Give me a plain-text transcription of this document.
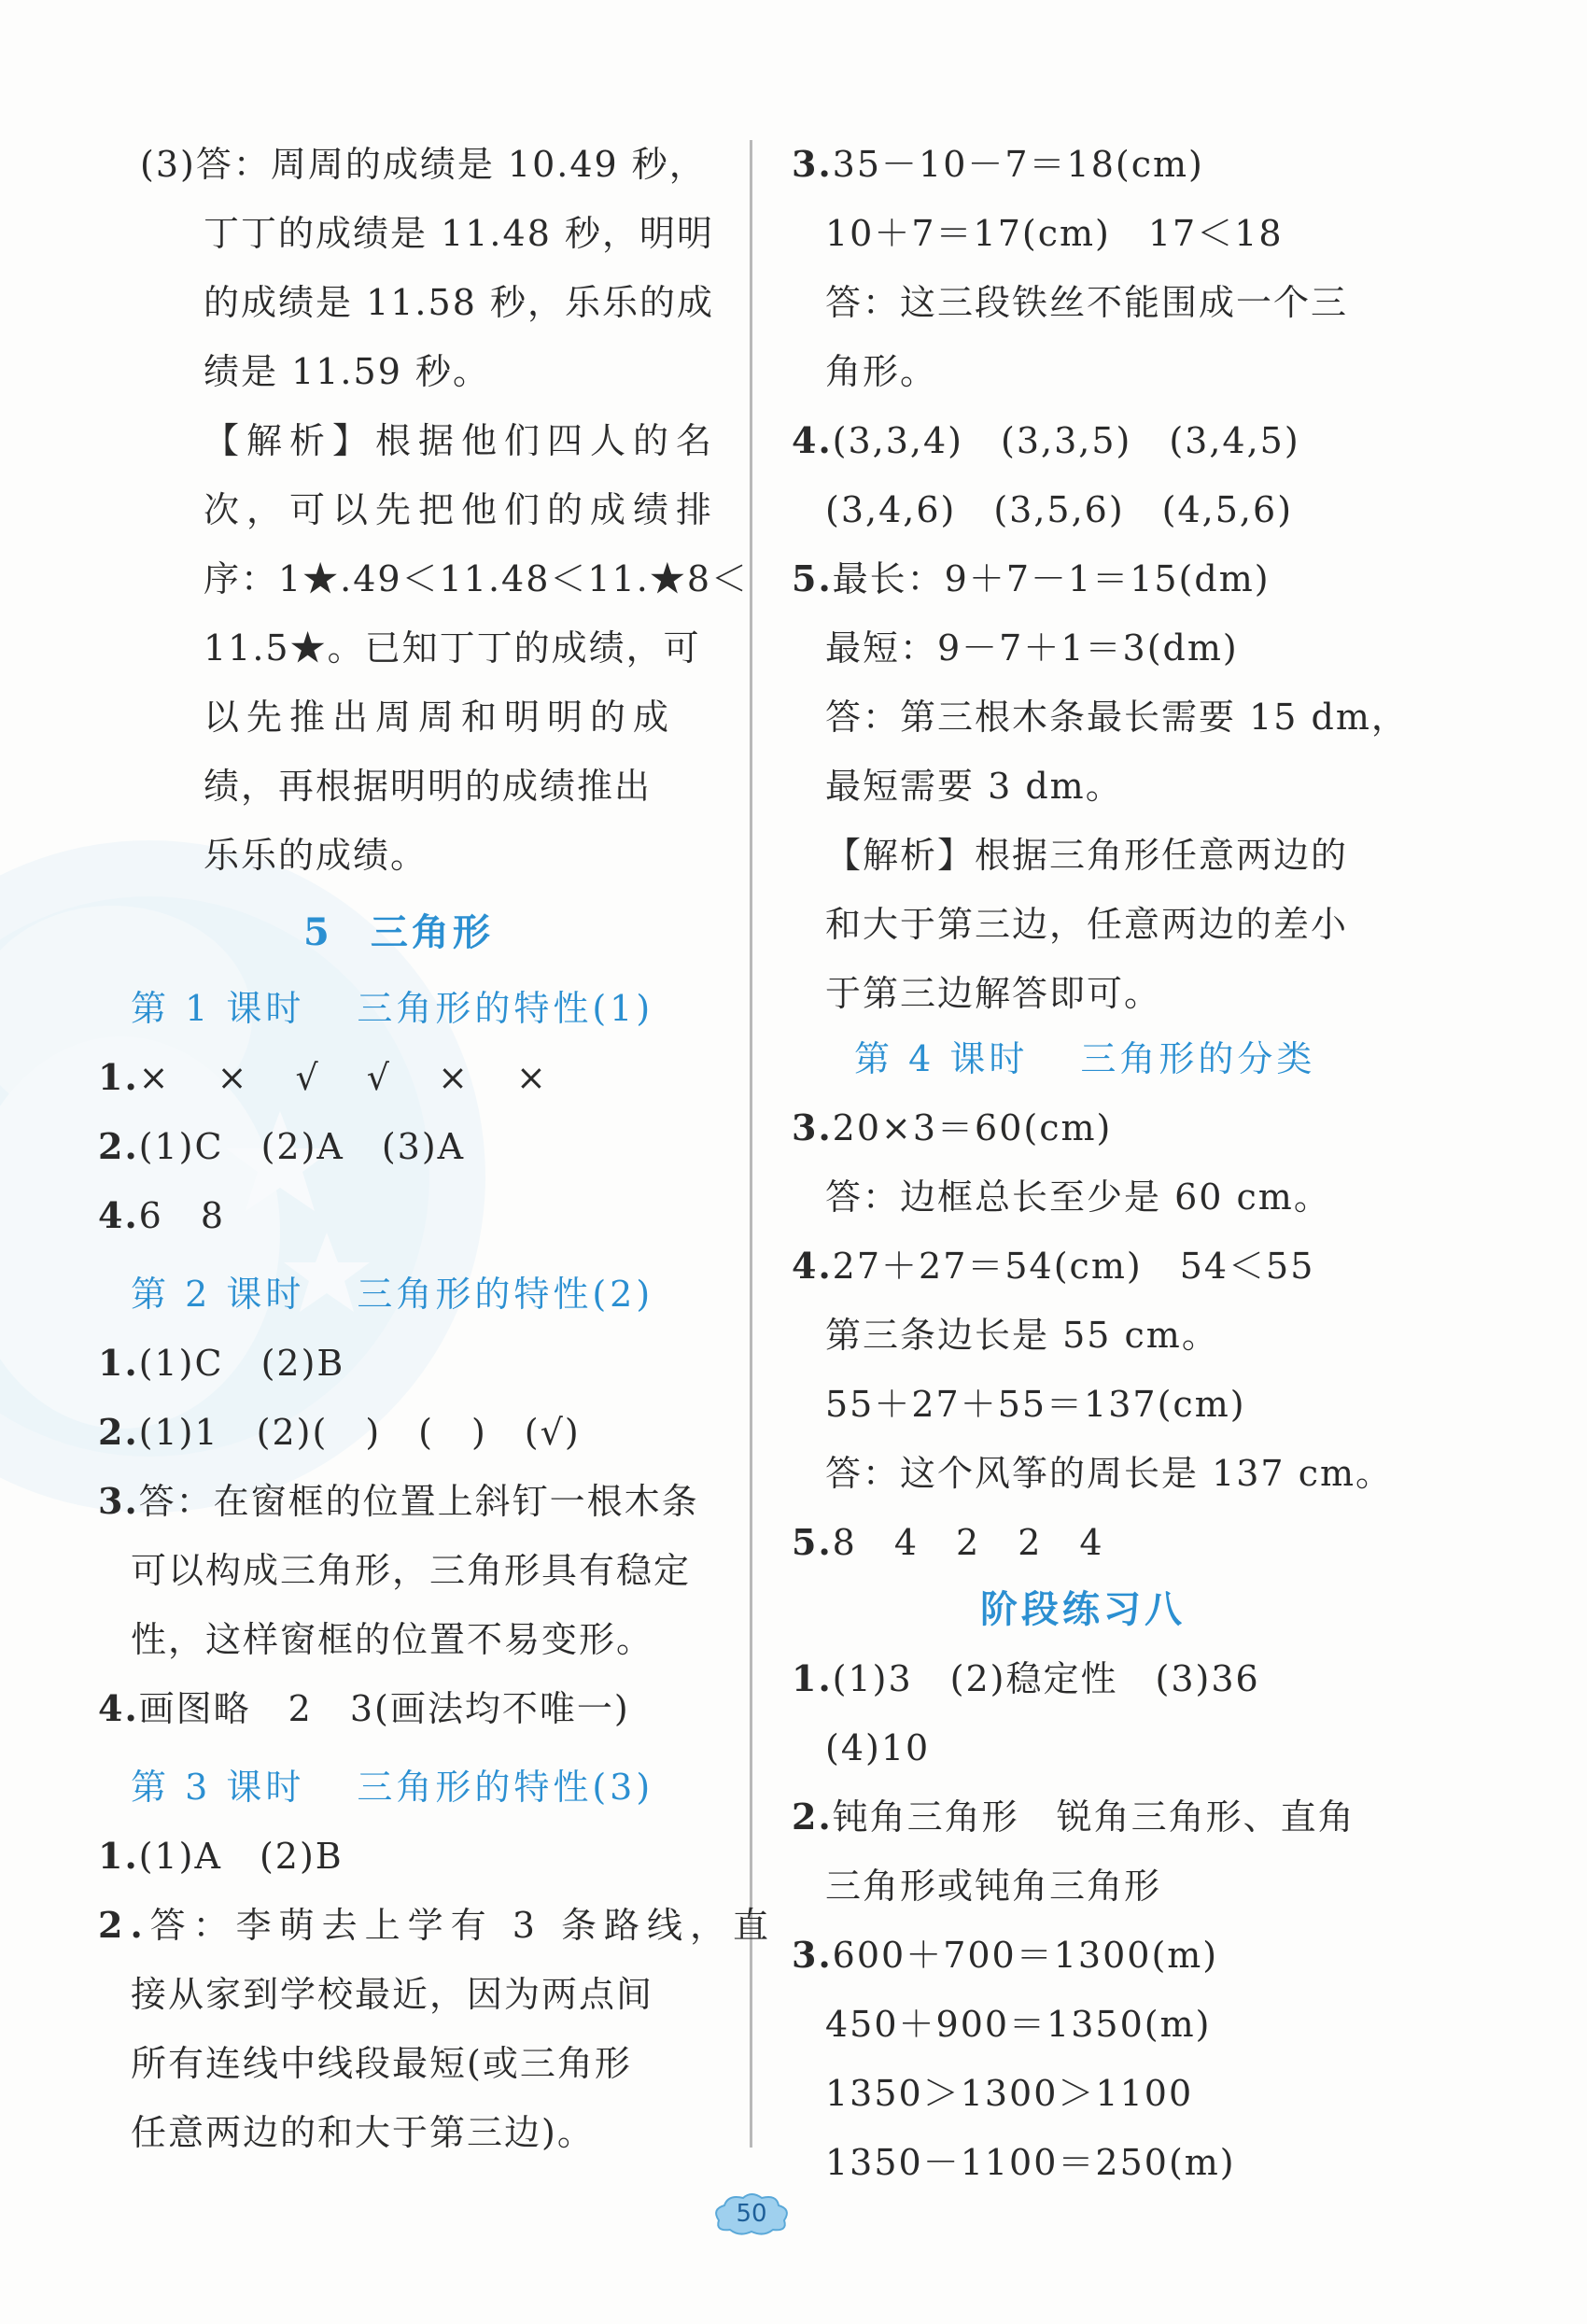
(3)答：周周的成绩是 10.49 秒，
丁丁的成绩是 11.48 秒，明明
的成绩是 11.58 秒，乐乐的成
绩是 11.59 秒。
【解析】根据他们四人的名
次，可以先把他们的成绩排
序：1★.49＜11.48＜11.★8＜
11.5★。已知丁丁的成绩，可
以先推出周周和明明的成
绩，再根据明明的成绩推出
乐乐的成绩。
5 三角形
第 1 课时 三角形的特性(1)
1.× × √ √ × ×
2.(1)C　(2)A　(3)A
4.6　8
第 2 课时 三角形的特性(2)
1.(1)C　(2)B
2.(1)1　(2)(　)　(　)　(√)
3.答：在窗框的位置上斜钉一根木条
可以构成三角形，三角形具有稳定
性，这样窗框的位置不易变形。
4.画图略　2　3(画法均不唯一)
第 3 课时 三角形的特性(3)
1.(1)A　(2)B
2.答：李萌去上学有 3 条路线，直
接从家到学校最近，因为两点间
所有连线中线段最短(或三角形
任意两边的和大于第三边)。
3.35－10－7＝18(cm)
10＋7＝17(cm)　17＜18
答：这三段铁丝不能围成一个三
角形。
4.(3,3,4)　(3,3,5)　(3,4,5)
(3,4,6)　(3,5,6)　(4,5,6)
5.最长：9＋7－1＝15(dm)
最短：9－7＋1＝3(dm)
答：第三根木条最长需要 15 dm，
最短需要 3 dm。
【解析】根据三角形任意两边的
和大于第三边，任意两边的差小
于第三边解答即可。
第 4 课时 三角形的分类
3.20×3＝60(cm)
答：边框总长至少是 60 cm。
4.27＋27＝54(cm)　54＜55
第三条边长是 55 cm。
55＋27＋55＝137(cm)
答：这个风筝的周长是 137 cm。
5.8　4　2　2　4
阶段练习八
1.(1)3　(2)稳定性　(3)36
(4)10
2.钝角三角形　锐角三角形、直角
三角形或钝角三角形
3.600＋700＝1300(m)
450＋900＝1350(m)
1350＞1300＞1100
1350－1100＝250(m)
50
